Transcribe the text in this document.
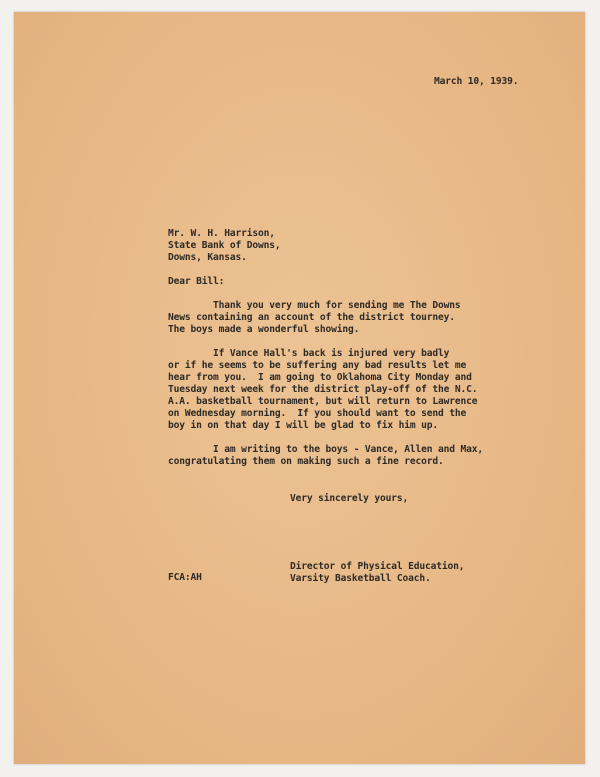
March 10, 1939.
Mr. W. H. Harrison,
State Bank of Downs,
Downs, Kansas.
Dear Bill:
Thank you very much for sending me The Downs
News containing an account of the district tourney.
The boys made a wonderful showing.
If Vance Hall's back is injured very badly
or if he seems to be suffering any bad results let me
hear from you.  I am going to Oklahoma City Monday and
Tuesday next week for the district play-off of the N.C.
A.A. basketball tournament, but will return to Lawrence
on Wednesday morning.  If you should want to send the
boy in on that day I will be glad to fix him up.
I am writing to the boys - Vance, Allen and Max,
congratulating them on making such a fine record.
Very sincerely yours,
Director of Physical Education,
Varsity Basketball Coach.
FCA:AH
